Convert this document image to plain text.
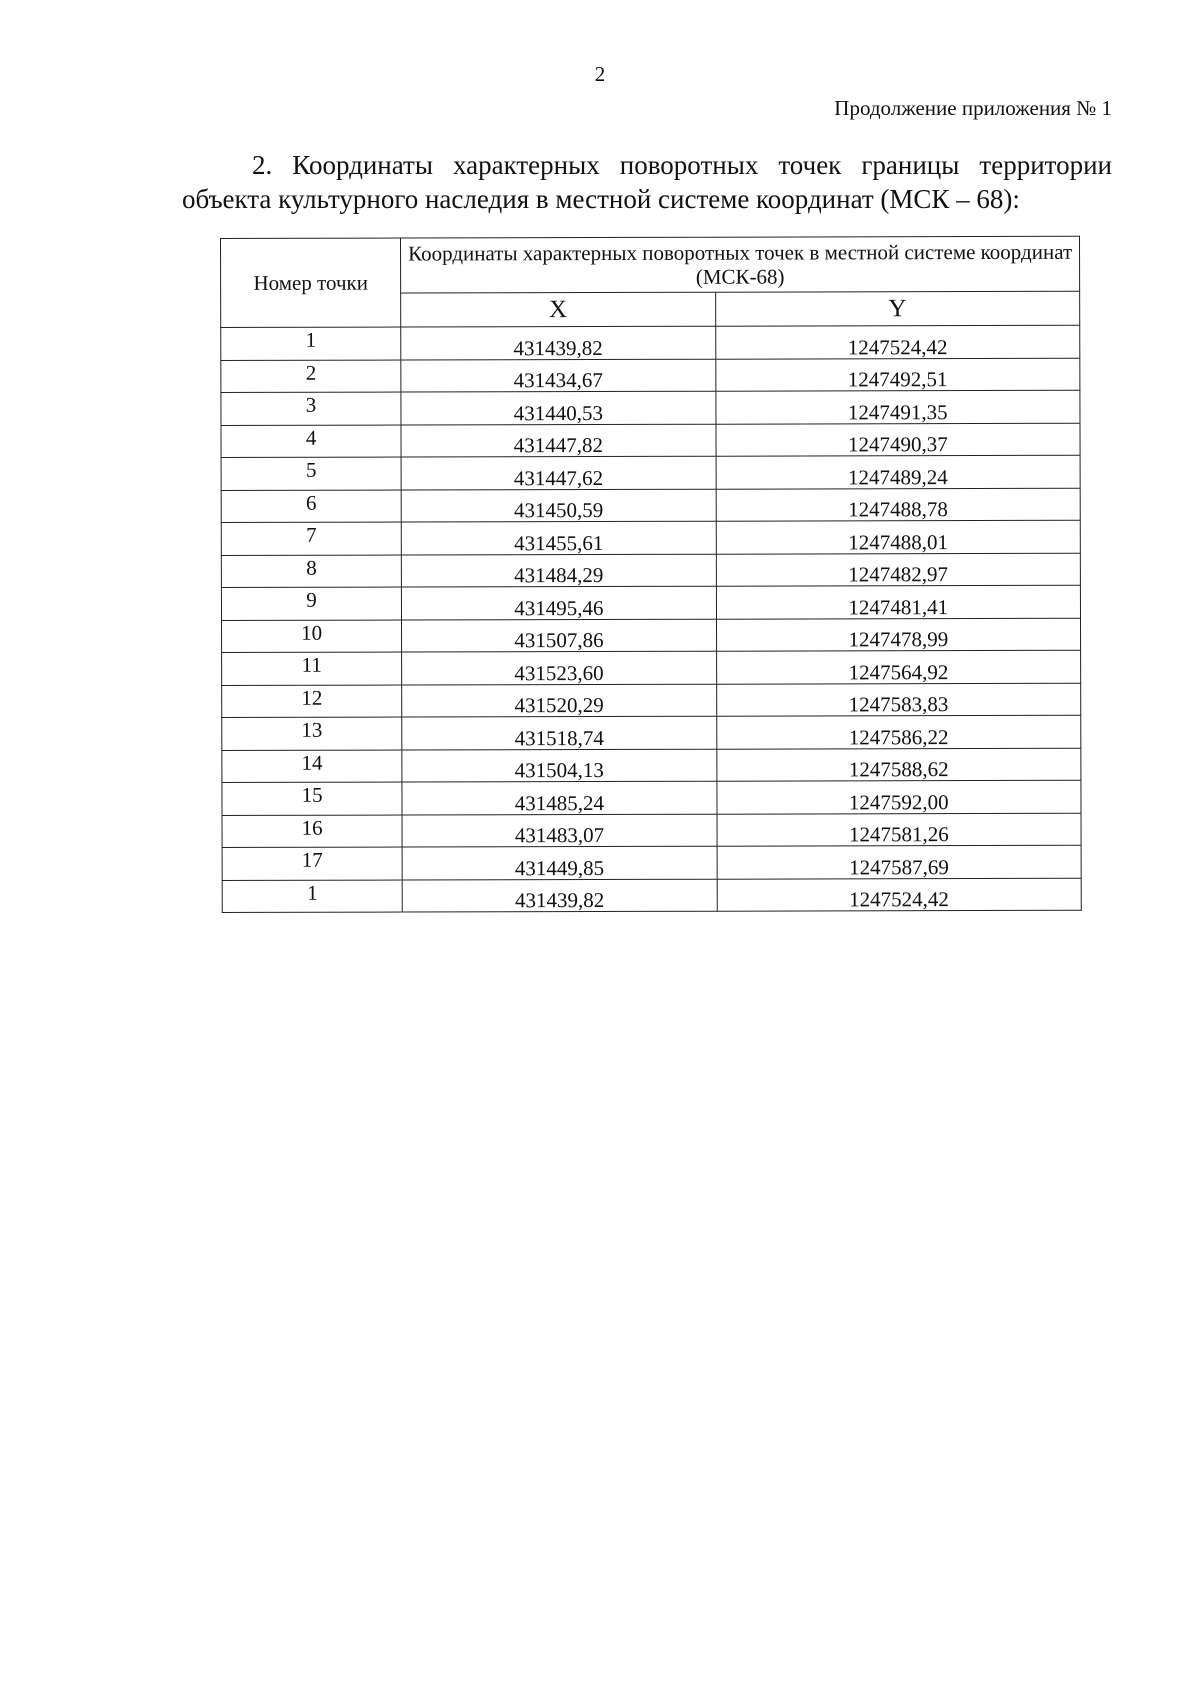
2
Продолжение приложения № 1
2. Координаты характерных поворотных точек границы территории
объекта культурного наследия в местной системе координат (МСК – 68):
Номер точки	Координаты характерных поворотных точек в местной системе координат (МСК-68)	
	X	Y
1	431439,82	1247524,42
2	431434,67	1247492,51
3	431440,53	1247491,35
4	431447,82	1247490,37
5	431447,62	1247489,24
6	431450,59	1247488,78
7	431455,61	1247488,01
8	431484,29	1247482,97
9	431495,46	1247481,41
10	431507,86	1247478,99
11	431523,60	1247564,92
12	431520,29	1247583,83
13	431518,74	1247586,22
14	431504,13	1247588,62
15	431485,24	1247592,00
16	431483,07	1247581,26
17	431449,85	1247587,69
1	431439,82	1247524,42
